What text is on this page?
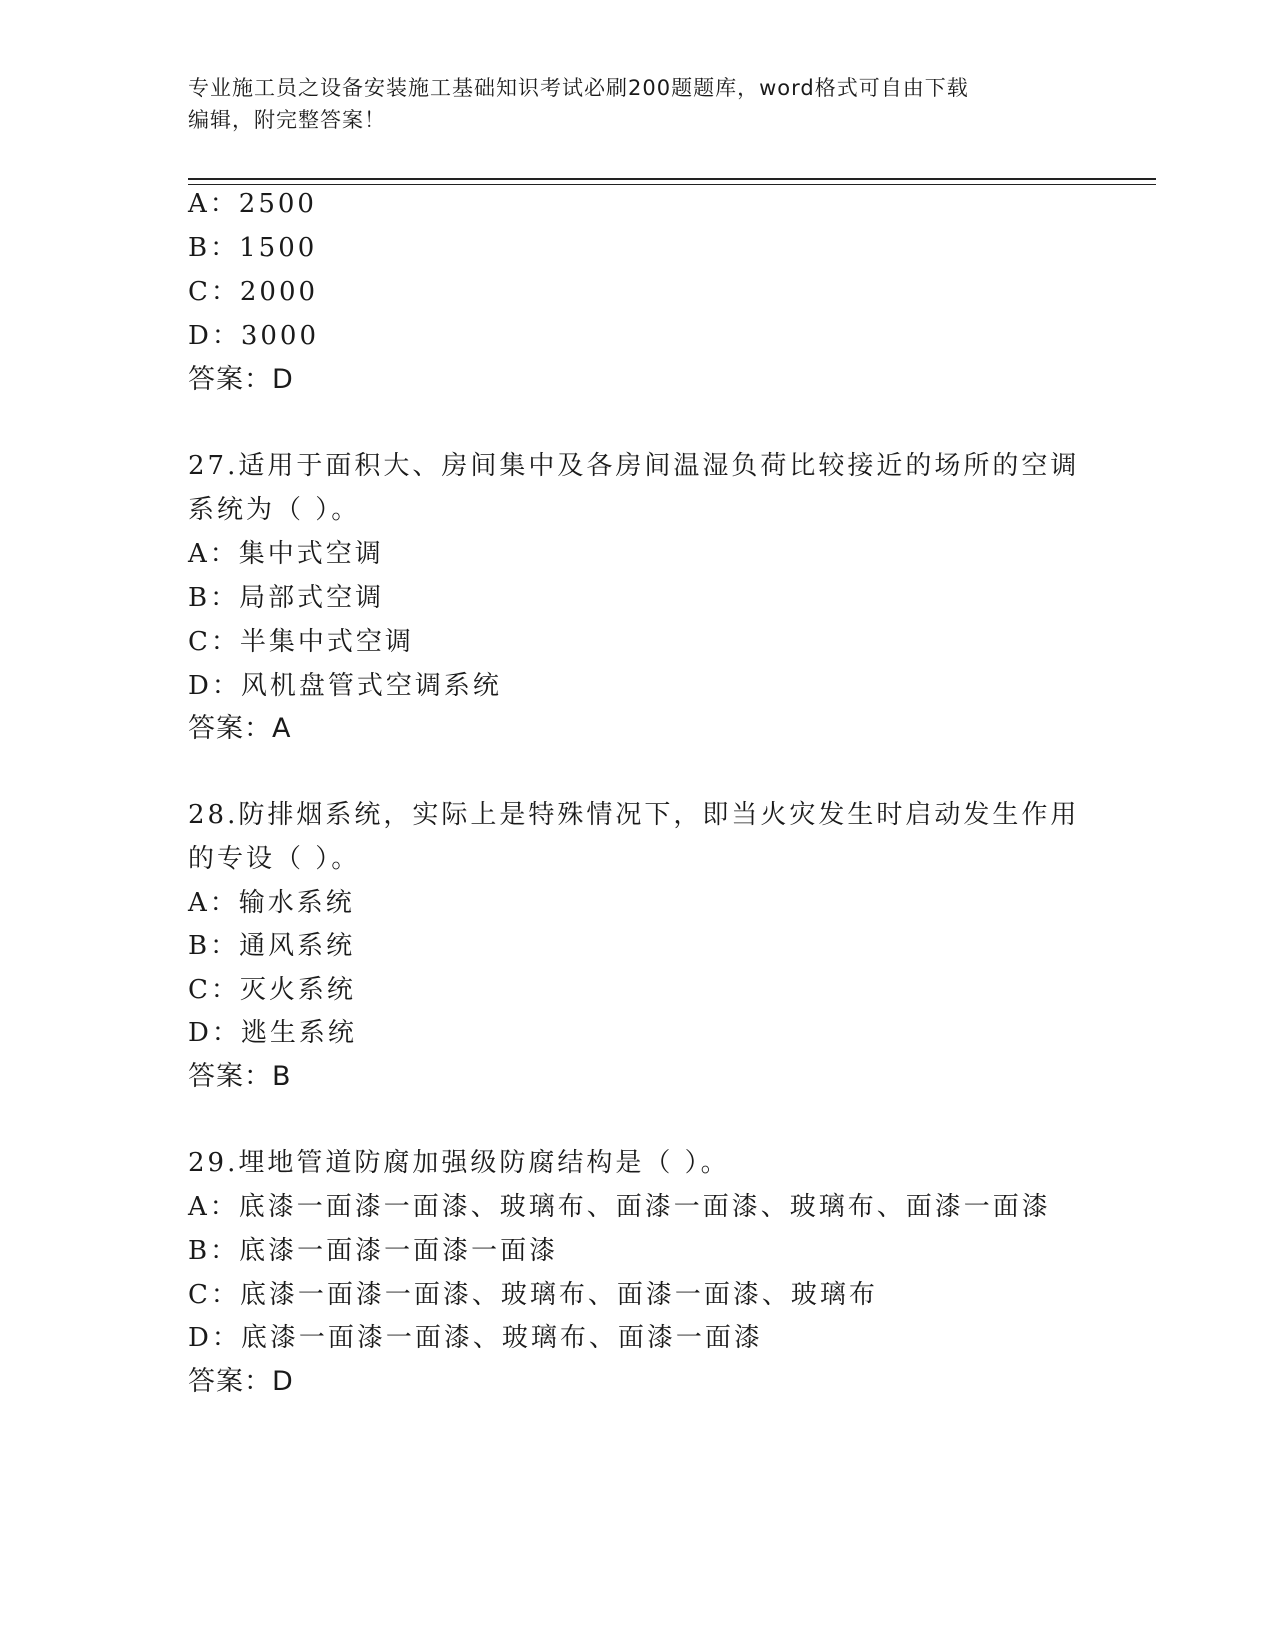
专业施工员之设备安装施工基础知识考试必刷200题题库，word格式可自由下载
编辑，附完整答案！
A：2500
B：1500
C：2000
D：3000
答案：D
27.适用于面积大、房间集中及各房间温湿负荷比较接近的场所的空调
系统为（ ）。
A：集中式空调
B：局部式空调
C：半集中式空调
D：风机盘管式空调系统
答案：A
28.防排烟系统，实际上是特殊情况下，即当火灾发生时启动发生作用
的专设（ ）。
A：输水系统
B：通风系统
C：灭火系统
D：逃生系统
答案：B
29.埋地管道防腐加强级防腐结构是（ ）。
A：底漆一面漆一面漆、玻璃布、面漆一面漆、玻璃布、面漆一面漆
B：底漆一面漆一面漆一面漆
C：底漆一面漆一面漆、玻璃布、面漆一面漆、玻璃布
D：底漆一面漆一面漆、玻璃布、面漆一面漆
答案：D
